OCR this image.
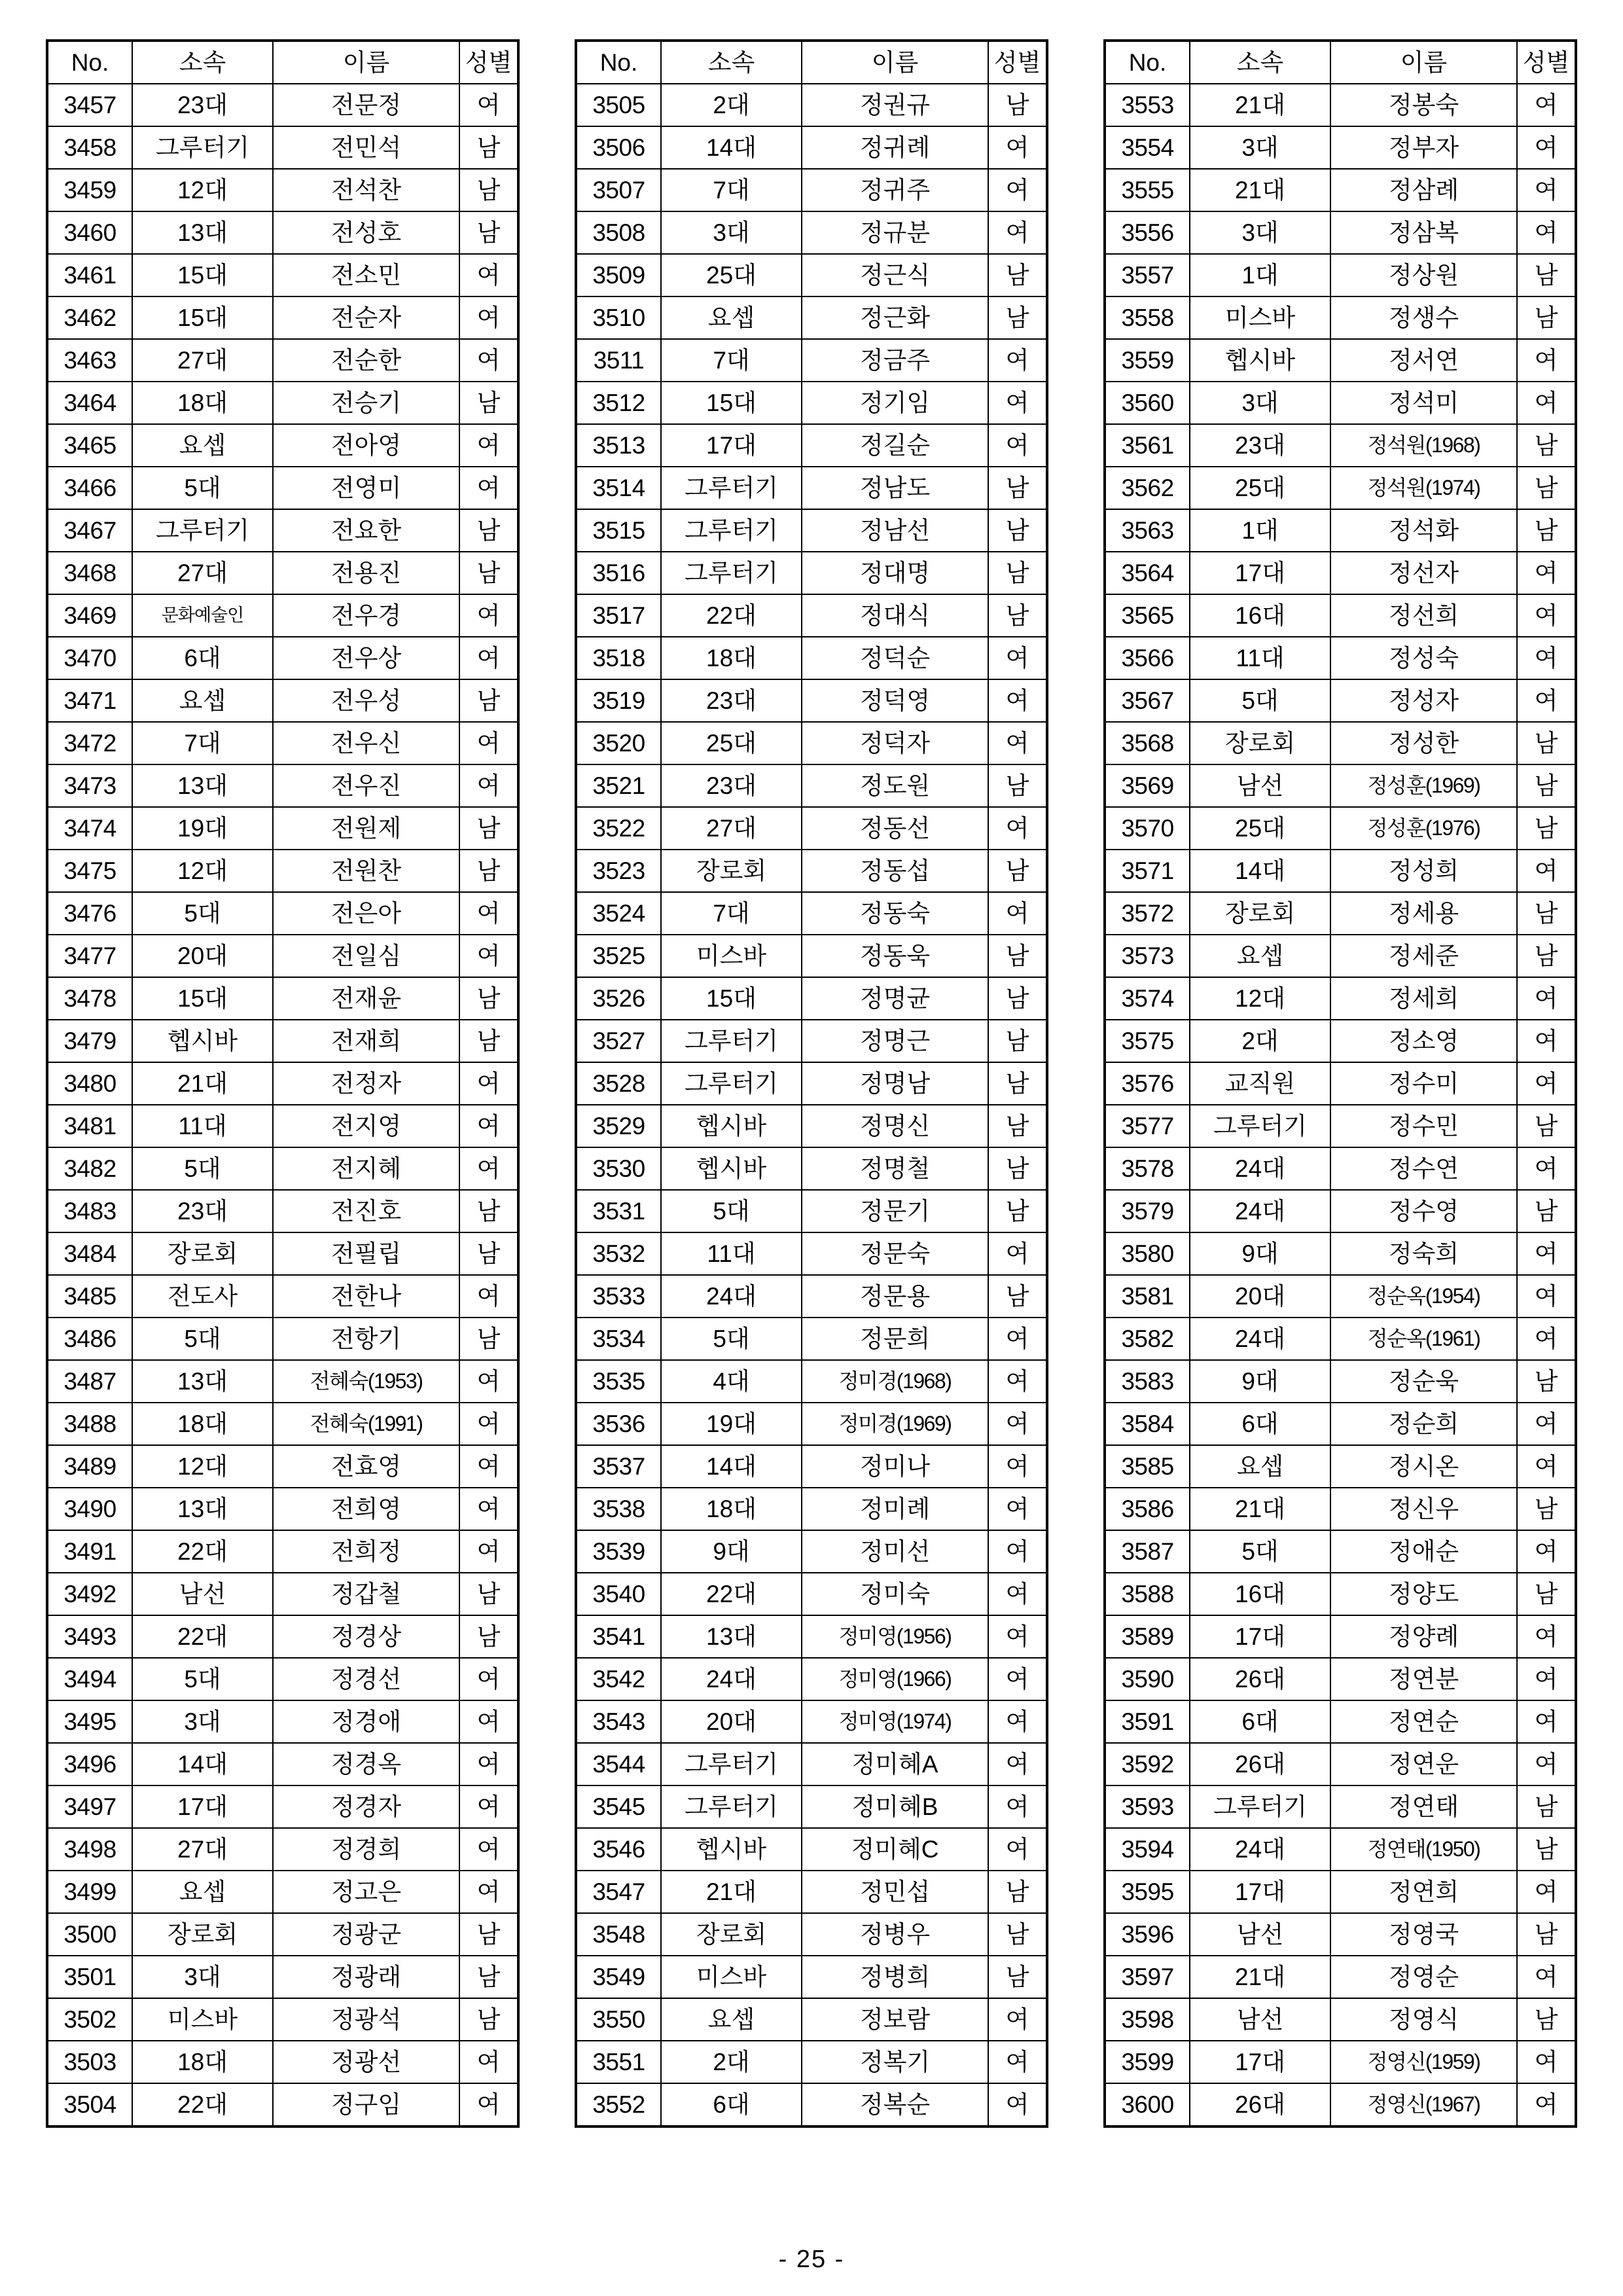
No.	소속	이름	성별
3457	23대	전문정	여
3458	그루터기	전민석	남
3459	12대	전석찬	남
3460	13대	전성호	남
3461	15대	전소민	여
3462	15대	전순자	여
3463	27대	전순한	여
3464	18대	전승기	남
3465	요셉	전아영	여
3466	5대	전영미	여
3467	그루터기	전요한	남
3468	27대	전용진	남
3469	문화예술인	전우경	여
3470	6대	전우상	여
3471	요셉	전우성	남
3472	7대	전우신	여
3473	13대	전우진	여
3474	19대	전원제	남
3475	12대	전원찬	남
3476	5대	전은아	여
3477	20대	전일심	여
3478	15대	전재윤	남
3479	헵시바	전재희	남
3480	21대	전정자	여
3481	11대	전지영	여
3482	5대	전지혜	여
3483	23대	전진호	남
3484	장로회	전필립	남
3485	전도사	전한나	여
3486	5대	전항기	남
3487	13대	전혜숙(1953)	여
3488	18대	전혜숙(1991)	여
3489	12대	전효영	여
3490	13대	전희영	여
3491	22대	전희정	여
3492	남선	정갑철	남
3493	22대	정경상	남
3494	5대	정경선	여
3495	3대	정경애	여
3496	14대	정경옥	여
3497	17대	정경자	여
3498	27대	정경희	여
3499	요셉	정고은	여
3500	장로회	정광군	남
3501	3대	정광래	남
3502	미스바	정광석	남
3503	18대	정광선	여
3504	22대	정구임	여
No.	소속	이름	성별
3505	2대	정권규	남
3506	14대	정귀례	여
3507	7대	정귀주	여
3508	3대	정규분	여
3509	25대	정근식	남
3510	요셉	정근화	남
3511	7대	정금주	여
3512	15대	정기임	여
3513	17대	정길순	여
3514	그루터기	정남도	남
3515	그루터기	정남선	남
3516	그루터기	정대명	남
3517	22대	정대식	남
3518	18대	정덕순	여
3519	23대	정덕영	여
3520	25대	정덕자	여
3521	23대	정도원	남
3522	27대	정동선	여
3523	장로회	정동섭	남
3524	7대	정동숙	여
3525	미스바	정동욱	남
3526	15대	정명균	남
3527	그루터기	정명근	남
3528	그루터기	정명남	남
3529	헵시바	정명신	남
3530	헵시바	정명철	남
3531	5대	정문기	남
3532	11대	정문숙	여
3533	24대	정문용	남
3534	5대	정문희	여
3535	4대	정미경(1968)	여
3536	19대	정미경(1969)	여
3537	14대	정미나	여
3538	18대	정미례	여
3539	9대	정미선	여
3540	22대	정미숙	여
3541	13대	정미영(1956)	여
3542	24대	정미영(1966)	여
3543	20대	정미영(1974)	여
3544	그루터기	정미혜A	여
3545	그루터기	정미혜B	여
3546	헵시바	정미혜C	여
3547	21대	정민섭	남
3548	장로회	정병우	남
3549	미스바	정병희	남
3550	요셉	정보람	여
3551	2대	정복기	여
3552	6대	정복순	여
No.	소속	이름	성별
3553	21대	정봉숙	여
3554	3대	정부자	여
3555	21대	정삼례	여
3556	3대	정삼복	여
3557	1대	정상원	남
3558	미스바	정생수	남
3559	헵시바	정서연	여
3560	3대	정석미	여
3561	23대	정석원(1968)	남
3562	25대	정석원(1974)	남
3563	1대	정석화	남
3564	17대	정선자	여
3565	16대	정선희	여
3566	11대	정성숙	여
3567	5대	정성자	여
3568	장로회	정성한	남
3569	남선	정성훈(1969)	남
3570	25대	정성훈(1976)	남
3571	14대	정성희	여
3572	장로회	정세용	남
3573	요셉	정세준	남
3574	12대	정세희	여
3575	2대	정소영	여
3576	교직원	정수미	여
3577	그루터기	정수민	남
3578	24대	정수연	여
3579	24대	정수영	남
3580	9대	정숙희	여
3581	20대	정순옥(1954)	여
3582	24대	정순옥(1961)	여
3583	9대	정순욱	남
3584	6대	정순희	여
3585	요셉	정시온	여
3586	21대	정신우	남
3587	5대	정애순	여
3588	16대	정양도	남
3589	17대	정양례	여
3590	26대	정연분	여
3591	6대	정연순	여
3592	26대	정연운	여
3593	그루터기	정연태	남
3594	24대	정연태(1950)	남
3595	17대	정연희	여
3596	남선	정영국	남
3597	21대	정영순	여
3598	남선	정영식	남
3599	17대	정영신(1959)	여
3600	26대	정영신(1967)	여
- 25 -
